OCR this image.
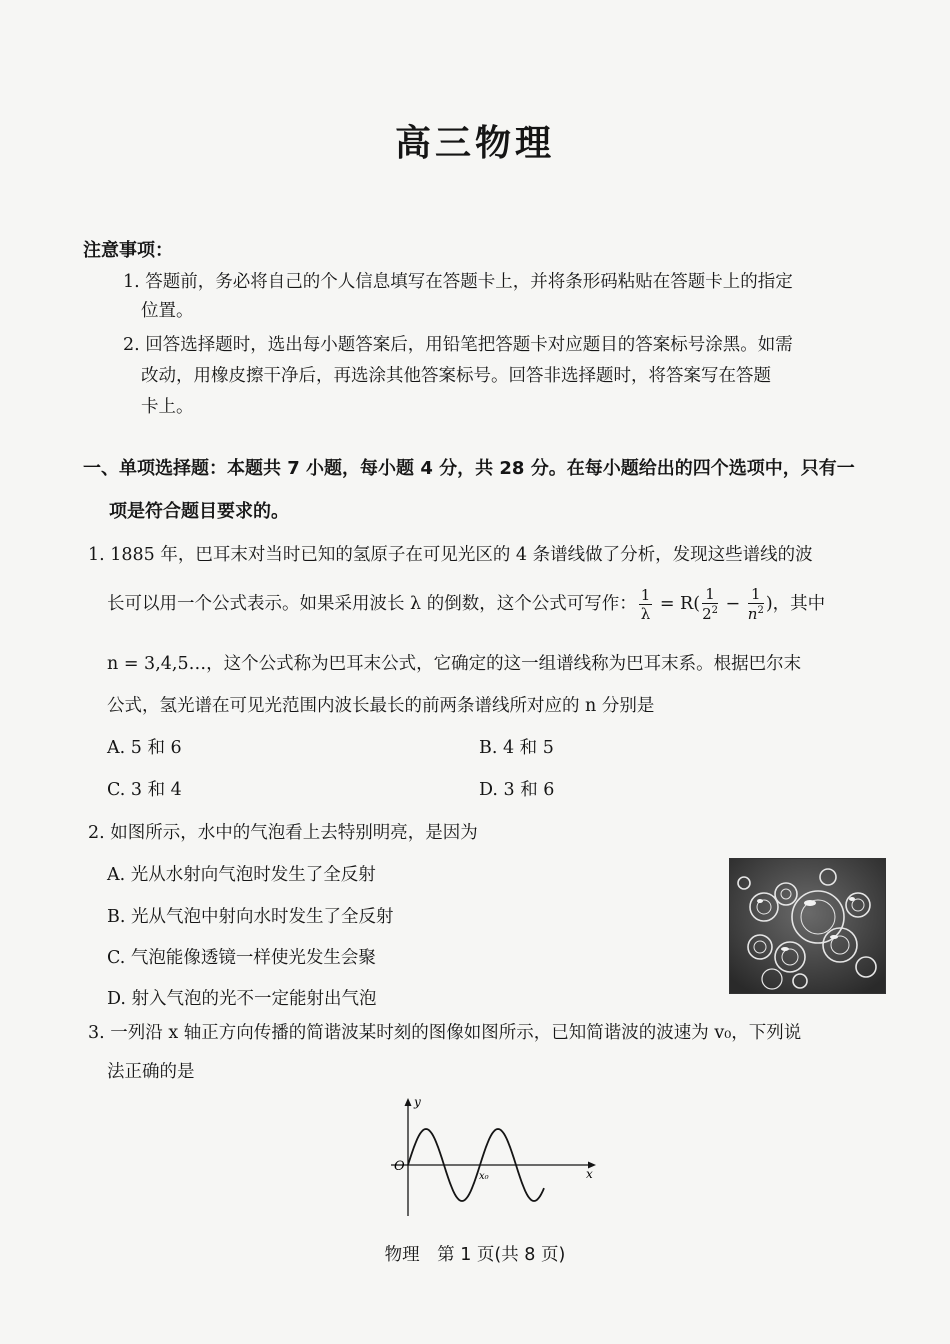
高三物理
注意事项：
1. 答题前，务必将自己的个人信息填写在答题卡上，并将条形码粘贴在答题卡上的指定
位置。
2. 回答选择题时，选出每小题答案后，用铅笔把答题卡对应题目的答案标号涂黑。如需
改动，用橡皮擦干净后，再选涂其他答案标号。回答非选择题时，将答案写在答题
卡上。
一、单项选择题：本题共 7 小题，每小题 4 分，共 28 分。在每小题给出的四个选项中，只有一
项是符合题目要求的。
1. 1885 年，巴耳末对当时已知的氢原子在可见光区的 4 条谱线做了分析，发现这些谱线的波
长可以用一个公式表示。如果采用波长 λ 的倒数，这个公式可写作： $\frac{1}{\lambda} = R( \frac{1}{2^2} - \frac{1}{n^2}$ )，其中
n = 3,4,5…，这个公式称为巴耳末公式，它确定的这一组谱线称为巴耳末系。根据巴尔末
公式，氢光谱在可见光范围内波长最长的前两条谱线所对应的 n 分别是
A. 5 和 6	B. 4 和 5
C. 3 和 4	D. 3 和 6
2. 如图所示，水中的气泡看上去特别明亮，是因为
A. 光从水射向气泡时发生了全反射
B. 光从气泡中射向水时发生了全反射
C. 气泡能像透镜一样使光发生会聚
D. 射入气泡的光不一定能射出气泡
3. 一列沿 x 轴正方向传播的简谐波某时刻的图像如图所示，已知简谐波的波速为 v₀，下列说
法正确的是
y
x
O
x₀
物理　第 1 页(共 8 页)
